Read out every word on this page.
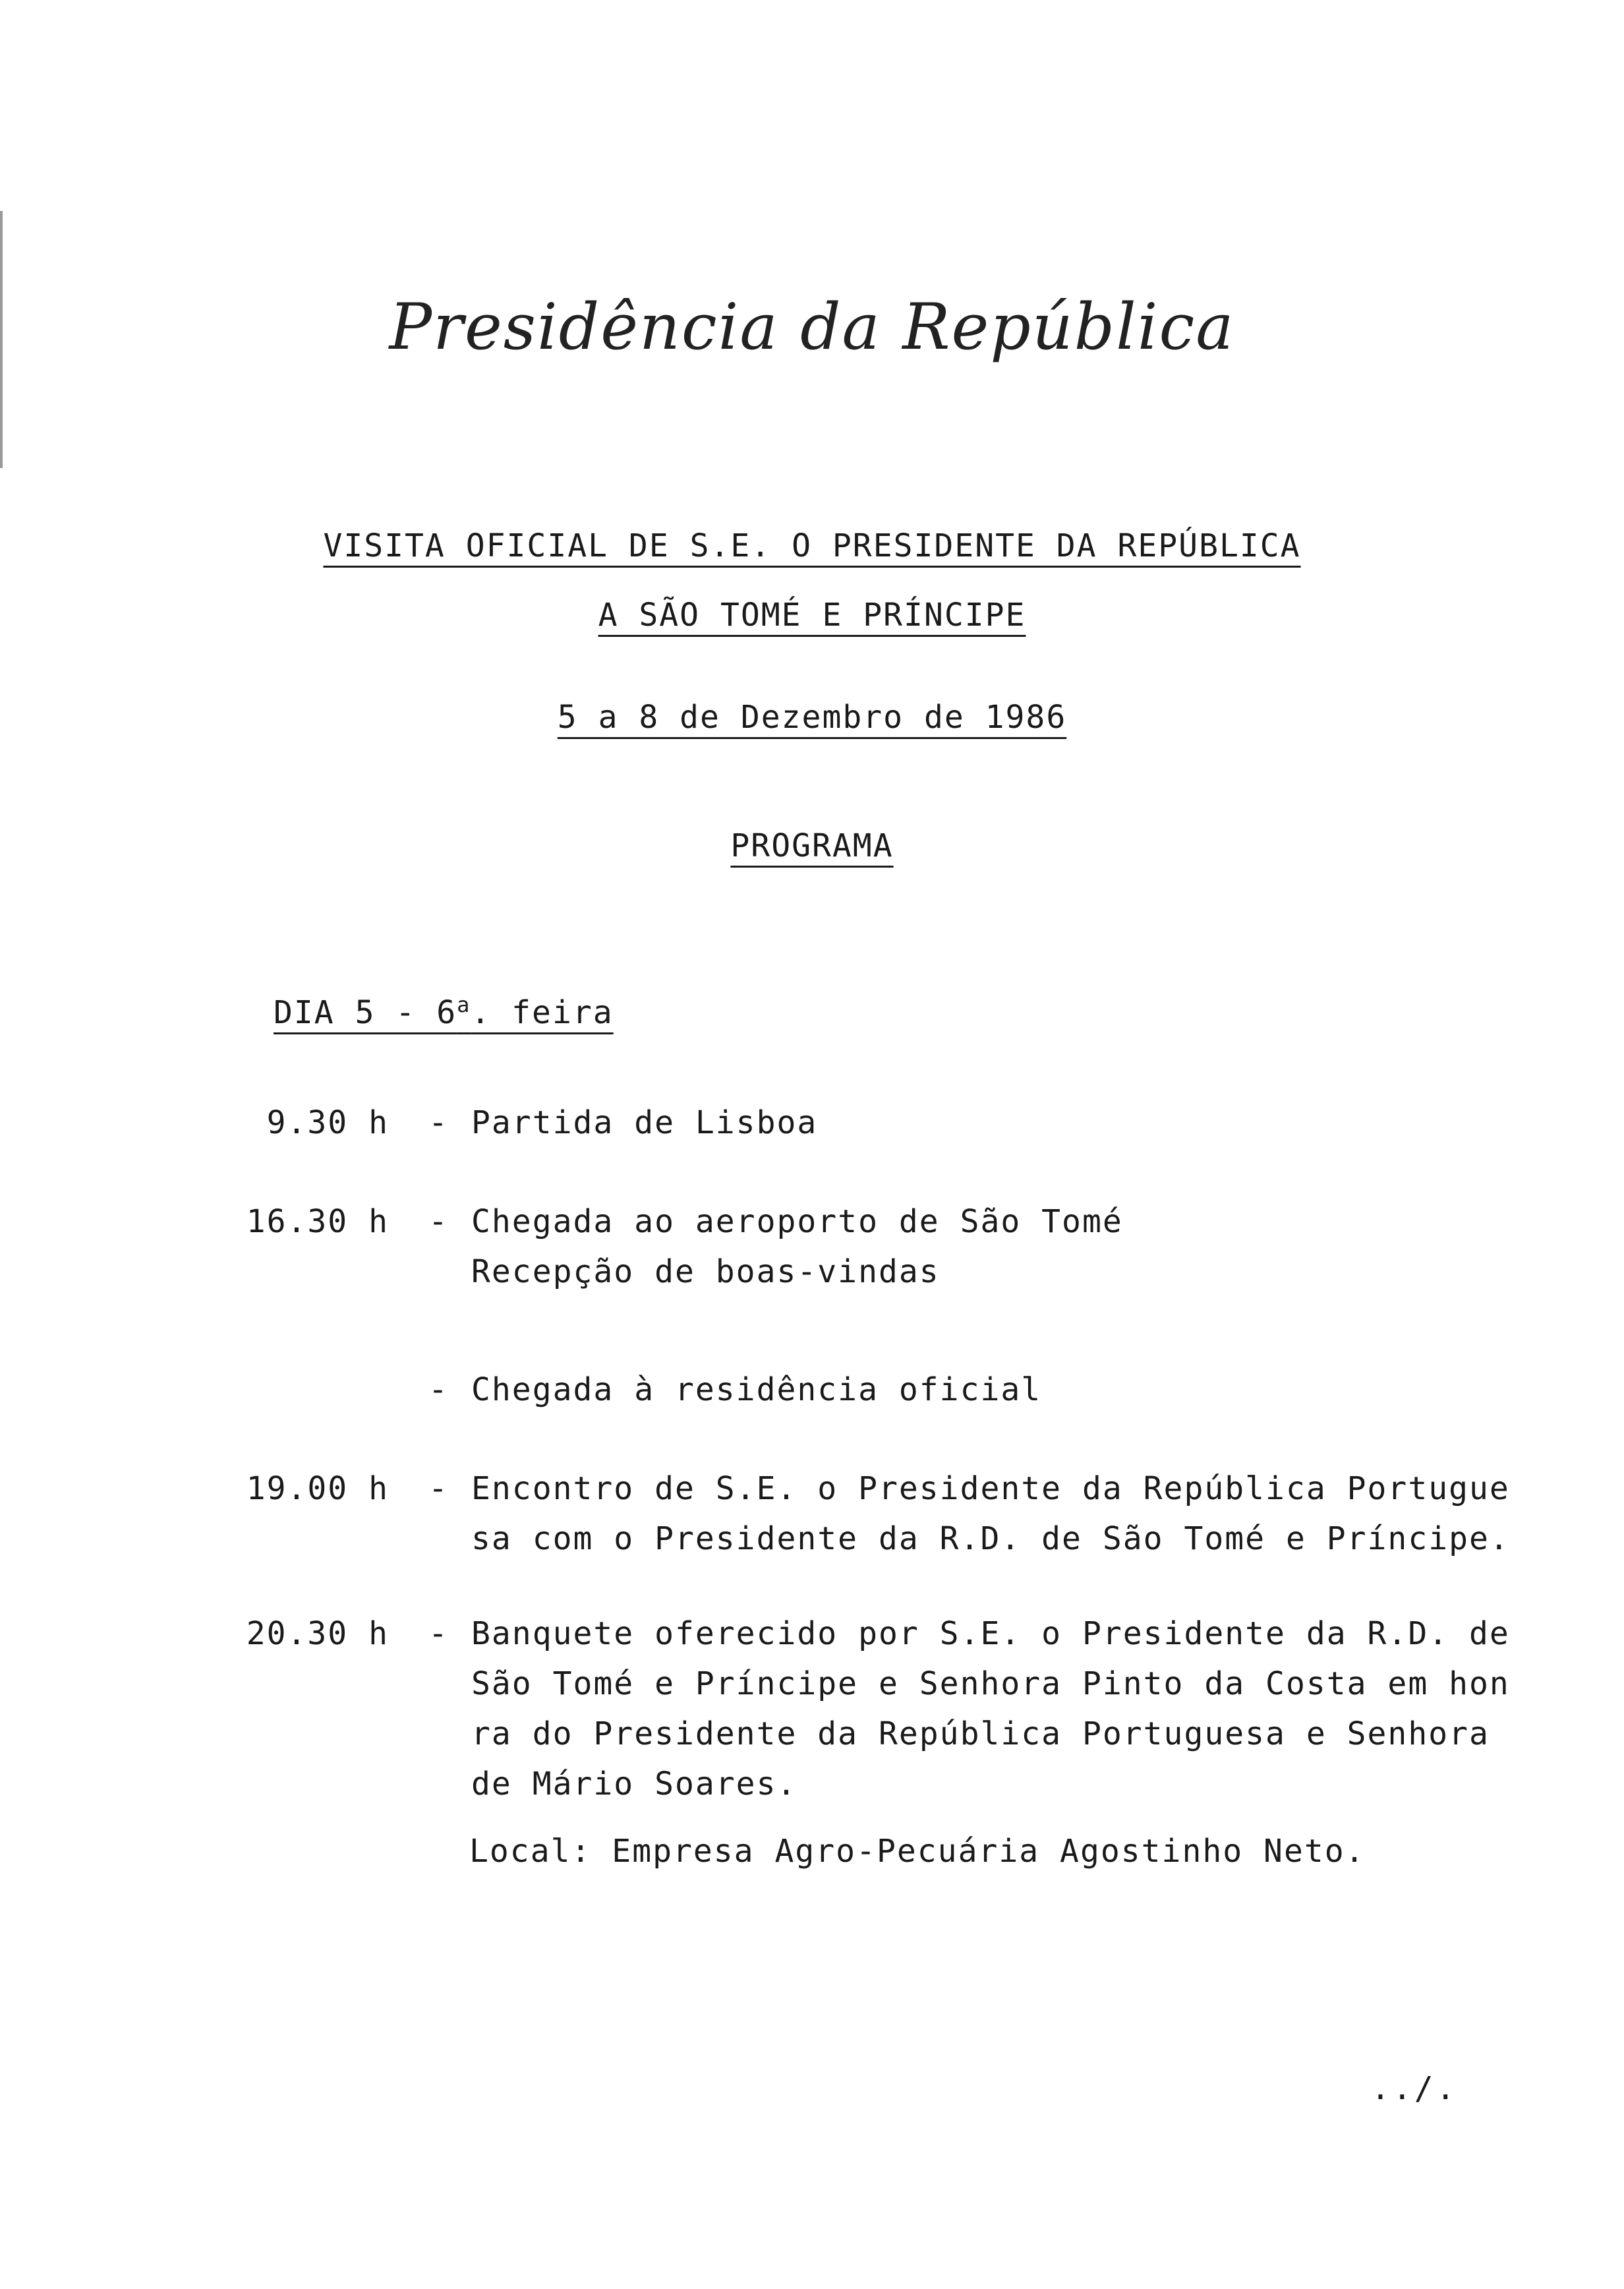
Presidência da República
VISITA OFICIAL DE S.E. O PRESIDENTE DA REPÚBLICA
A SÃO TOMÉ E PRÍNCIPE
5 a 8 de Dezembro de 1986
PROGRAMA
DIA 5 - 6$^a$. feira
9.30 h - Partida de Lisboa
16.30 h - Chegada ao aeroporto de São Tomé
Recepção de boas-vindas
- Chegada à residência oficial
19.00 h - Encontro de S.E. o Presidente da República Portugue
sa com o Presidente da R.D. de São Tomé e Príncipe.
20.30 h - Banquete oferecido por S.E. o Presidente da R.D. de
São Tomé e Príncipe e Senhora Pinto da Costa em hon
ra do Presidente da República Portuguesa e Senhora
de Mário Soares.
Local: Empresa Agro-Pecuária Agostinho Neto.
../.
